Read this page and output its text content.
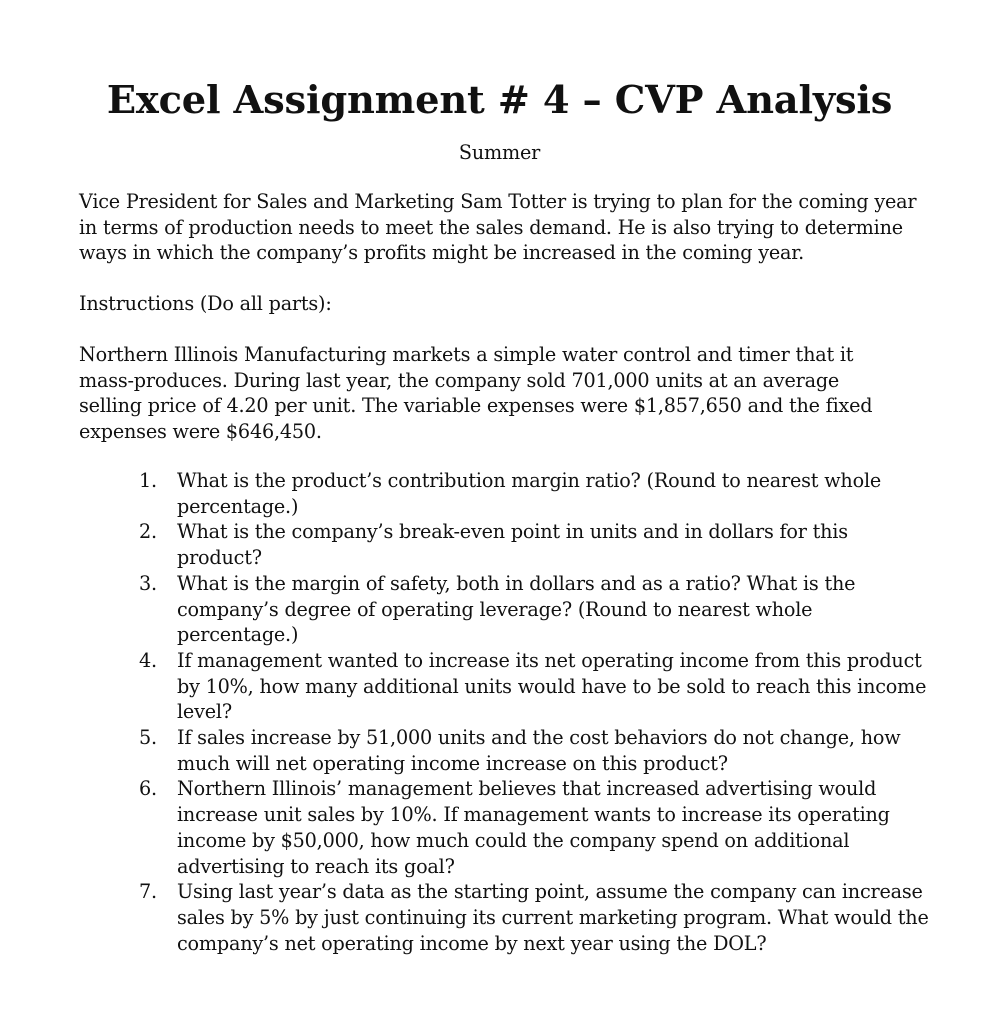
Excel Assignment # 4 – CVP Analysis

Summer

Vice President for Sales and Marketing Sam Totter is trying to plan for the coming year in terms of production needs to meet the sales demand. He is also trying to determine ways in which the company’s profits might be increased in the coming year.

Instructions (Do all parts):

Northern Illinois Manufacturing markets a simple water control and timer that it mass-produces. During last year, the company sold 701,000 units at an average selling price of 4.20 per unit. The variable expenses were $1,857,650 and the fixed expenses were $646,450.

1. What is the product’s contribution margin ratio? (Round to nearest whole percentage.)
2. What is the company’s break-even point in units and in dollars for this product?
3. What is the margin of safety, both in dollars and as a ratio? What is the company’s degree of operating leverage? (Round to nearest whole percentage.)
4. If management wanted to increase its net operating income from this product by 10%, how many additional units would have to be sold to reach this income level?
5. If sales increase by 51,000 units and the cost behaviors do not change, how much will net operating income increase on this product?
6. Northern Illinois’ management believes that increased advertising would increase unit sales by 10%. If management wants to increase its operating income by $50,000, how much could the company spend on additional advertising to reach its goal?
7. Using last year’s data as the starting point, assume the company can increase sales by 5% by just continuing its current marketing program. What would the company’s net operating income by next year using the DOL?
